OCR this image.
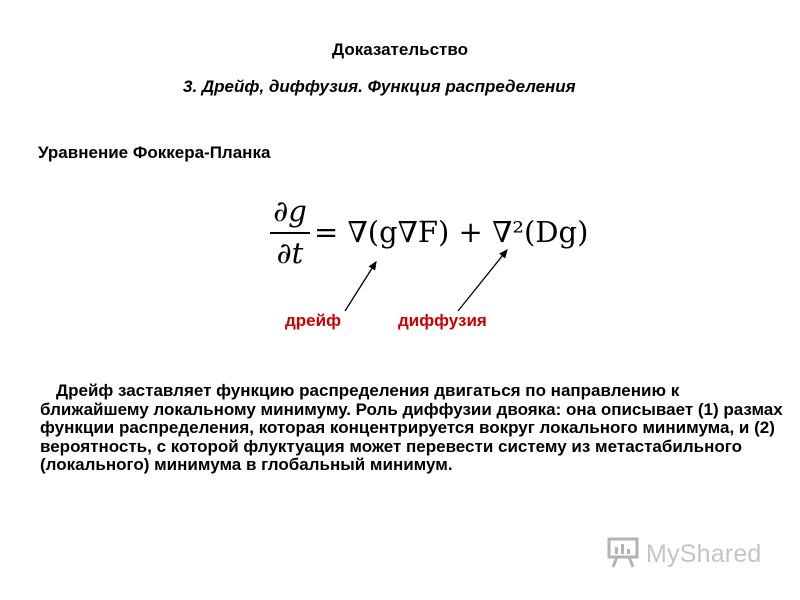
Доказательство
3. Дрейф, диффузия. Функция распределения
Уравнение Фоккера-Планка
∂g
∂t
= ∇(g∇F) + ∇²(Dg)
дрейф	диффузия
Дрейф заставляет функцию распределения двигаться по направлению к ближайшему локальному минимуму. Роль диффузии двояка: она описывает (1) размах функции распределения, которая концентрируется вокруг локального минимума, и (2) вероятность, с которой флуктуация может перевести систему из метастабильного (локального) минимума в глобальный минимум.
MyShared
